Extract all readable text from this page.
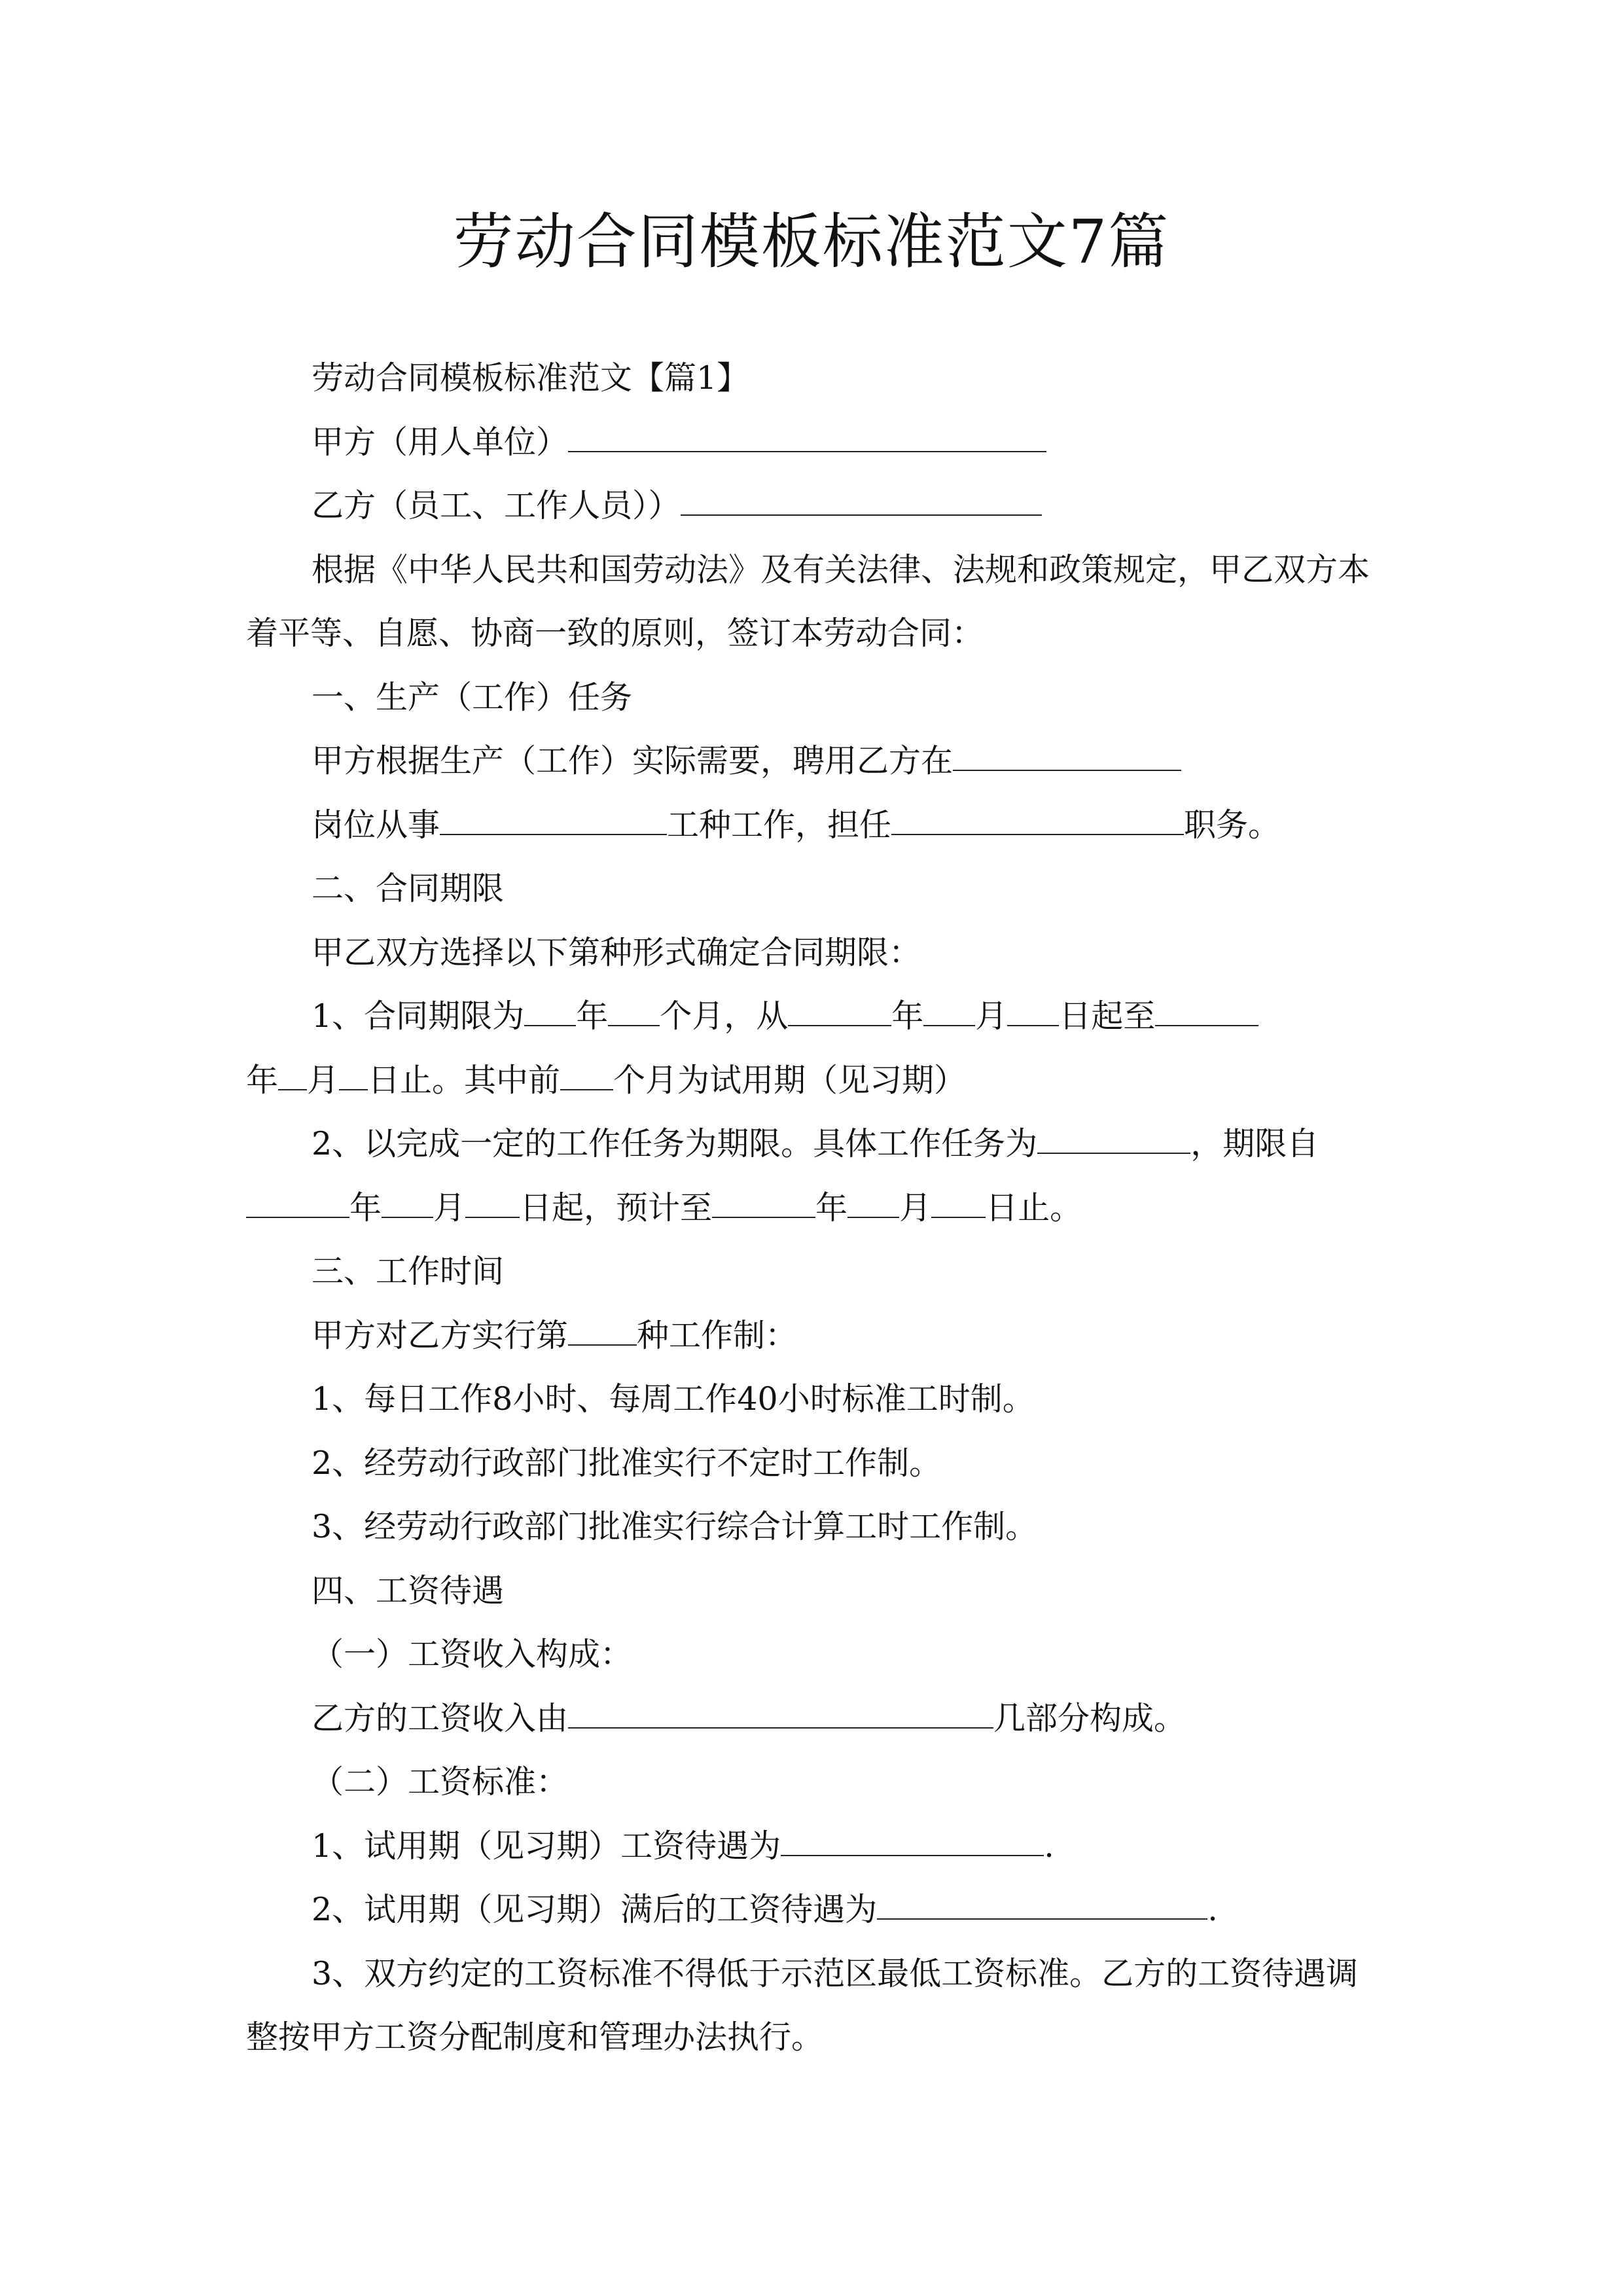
劳动合同模板标准范文7篇
劳动合同模板标准范文【篇1】
甲方（用人单位）
乙方（员工、工作人员））
根据《中华人民共和国劳动法》及有关法律、法规和政策规定，甲乙双方本
着平等、自愿、协商一致的原则，签订本劳动合同：
一、生产（工作）任务
甲方根据生产（工作）实际需要，聘用乙方在
岗位从事	工种工作，担任	职务。
二、合同期限
甲乙双方选择以下第种形式确定合同期限：
1、合同期限为 年 个月，从	年 月 日起至
年 月 日止。其中前 个月为试用期（见习期）
2、以完成一定的工作任务为期限。具体工作任务为	，期限自
年 月 日起，预计至	年 月 日止。
三、工作时间
甲方对乙方实行第 种工作制：
1、每日工作8小时、每周工作40小时标准工时制。
2、经劳动行政部门批准实行不定时工作制。
3、经劳动行政部门批准实行综合计算工时工作制。
四、工资待遇
（一）工资收入构成：
乙方的工资收入由	几部分构成。
（二）工资标准：
1、试用期（见习期）工资待遇为	.
2、试用期（见习期）满后的工资待遇为	.
3、双方约定的工资标准不得低于示范区最低工资标准。乙方的工资待遇调
整按甲方工资分配制度和管理办法执行。
